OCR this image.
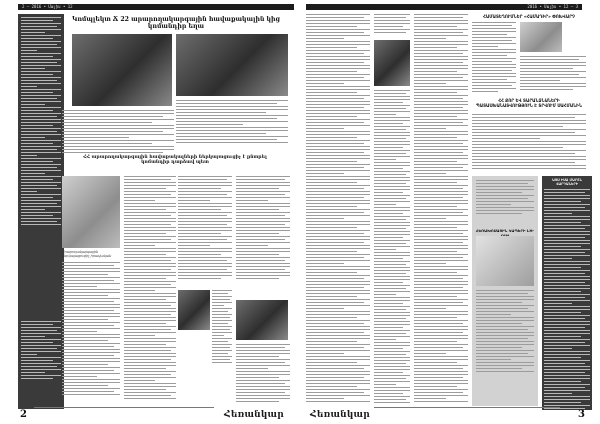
2 — 2016 • Մայիս • 12
Կոմպլեկտ Ճ 22 արարողակարգային հավաքակալին կից կոմանդիր եղա
ՀՀ արարողակարգային հավաքակալների ներկայացուցիչ է ընտրել կոմանդիր դարձավ պետ
Արարողակարգային ներկայացուցիչ իրավական
2	Հեռանկար
2016 • Մայիս • 12 — 3
ՀԱՄԱՏԵՂՈՒՄՆԵՐ «ՀԱՄԱԴԻՐ» ՓՈԽՎԱՐՉ
ՀՀ ՔՈՐ ԵՎ ՏԱՐԱՆՁՆԱՆԵՐԻ ՊԱՏԱՍԽԱՆԱՏՎՈՒԹՅՈՒՆ Է ՏՐՎՈՒՄ ՍԱՀՄԱՆԻՆ
ՀԵՌԱԽՈՍԱՅԻՆ ԿԱՊԵՐԻ LH-
ԱՅՍ ԻՍԱ ՄԱՐՏՆ ՎԱՐԴԱՆԵՐԻ
Հեռանկար	3
